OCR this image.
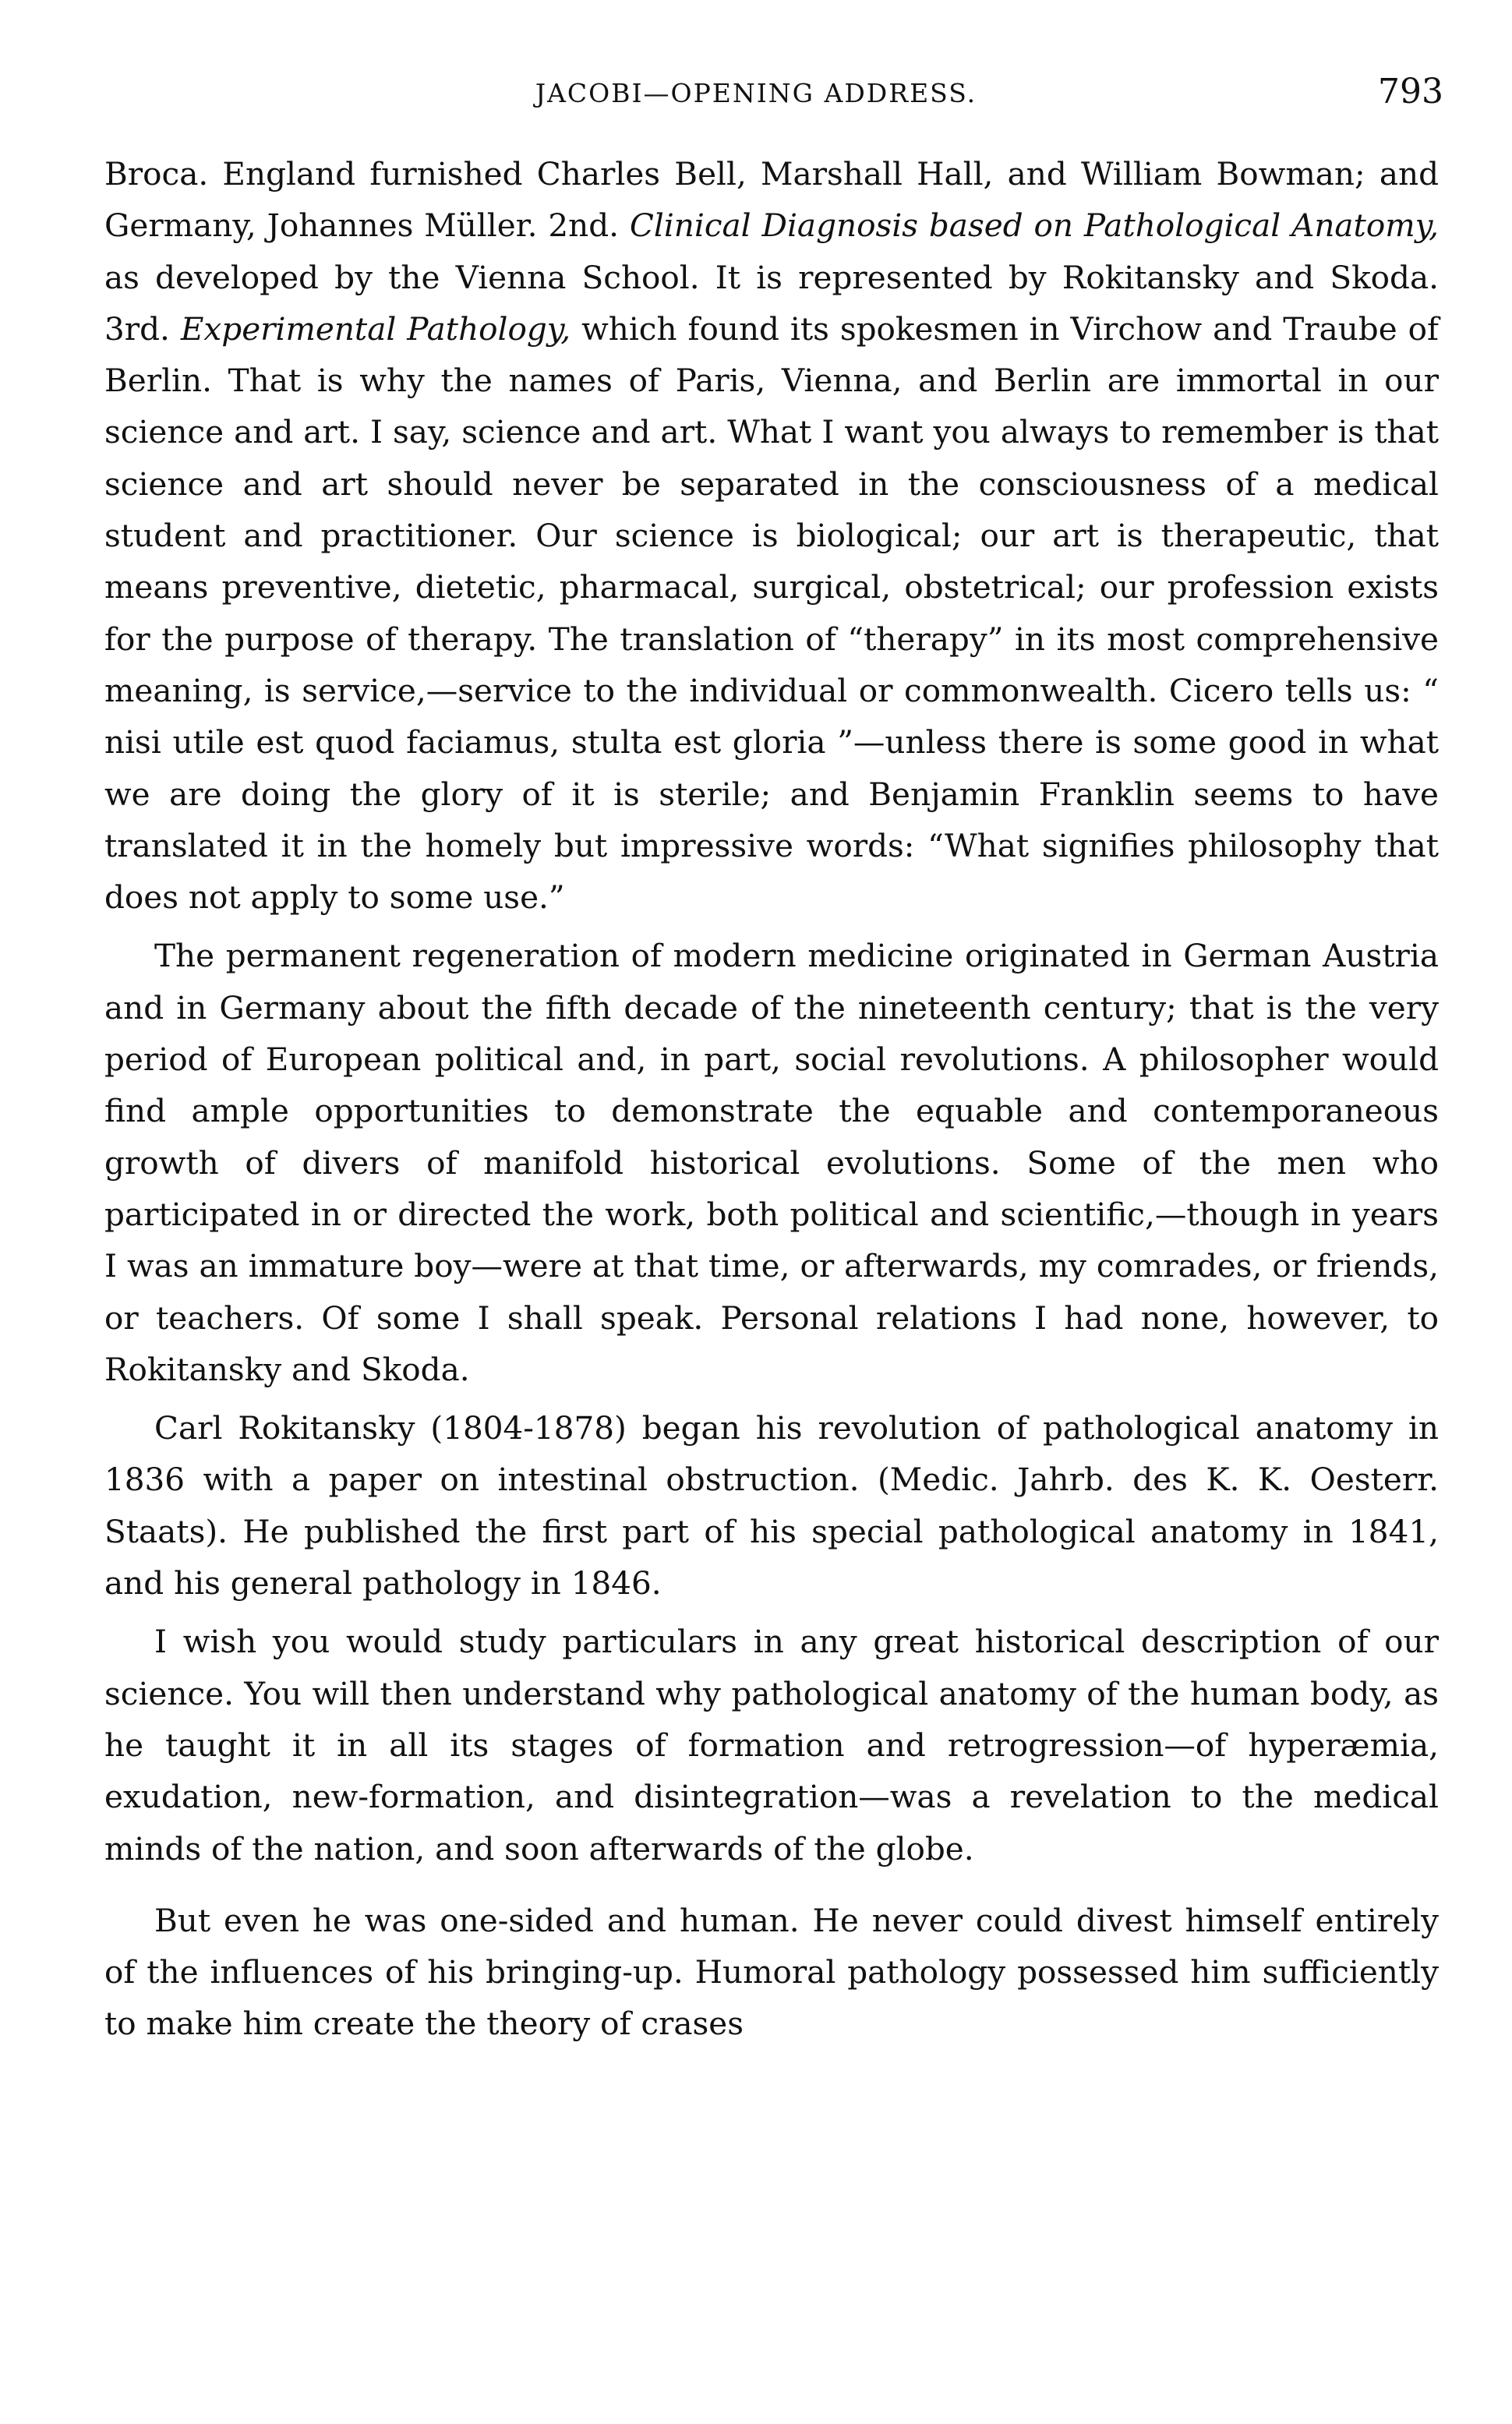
JACOBI—OPENING ADDRESS.	793

Broca. England furnished Charles Bell, Marshall Hall, and William Bowman; and Germany, Johannes Müller. 2nd. Clinical Diagnosis based on Pathological Anatomy, as developed by the Vienna School. It is represented by Rokitansky and Skoda. 3rd. Experimental Pathology, which found its spokesmen in Virchow and Traube of Berlin. That is why the names of Paris, Vienna, and Berlin are immortal in our science and art. I say, science and art. What I want you always to remember is that science and art should never be separated in the consciousness of a medical student and practitioner. Our science is biological; our art is therapeutic, that means preventive, dietetic, pharmacal, surgical, obstetrical; our profession exists for the purpose of therapy. The translation of “therapy” in its most comprehensive meaning, is service,—service to the individual or commonwealth. Cicero tells us: “ nisi utile est quod faciamus, stulta est gloria ”—unless there is some good in what we are doing the glory of it is sterile; and Benjamin Franklin seems to have translated it in the homely but impressive words: “What signifies philosophy that does not apply to some use.”

The permanent regeneration of modern medicine originated in German Austria and in Germany about the fifth decade of the nineteenth century; that is the very period of European political and, in part, social revolutions. A philosopher would find ample opportunities to demonstrate the equable and contemporaneous growth of divers of manifold historical evolutions. Some of the men who participated in or directed the work, both political and scientific,—though in years I was an immature boy—were at that time, or afterwards, my comrades, or friends, or teachers. Of some I shall speak. Personal relations I had none, however, to Rokitansky and Skoda.

Carl Rokitansky (1804-1878) began his revolution of pathological anatomy in 1836 with a paper on intestinal obstruction. (Medic. Jahrb. des K. K. Oesterr. Staats). He published the first part of his special pathological anatomy in 1841, and his general pathology in 1846.

I wish you would study particulars in any great historical description of our science. You will then understand why pathological anatomy of the human body, as he taught it in all its stages of formation and retrogression—of hyperæmia, exudation, new-formation, and disintegration—was a revelation to the medical minds of the nation, and soon afterwards of the globe.

But even he was one-sided and human. He never could divest himself entirely of the influences of his bringing-up. Humoral pathology possessed him sufficiently to make him create the theory of crases
